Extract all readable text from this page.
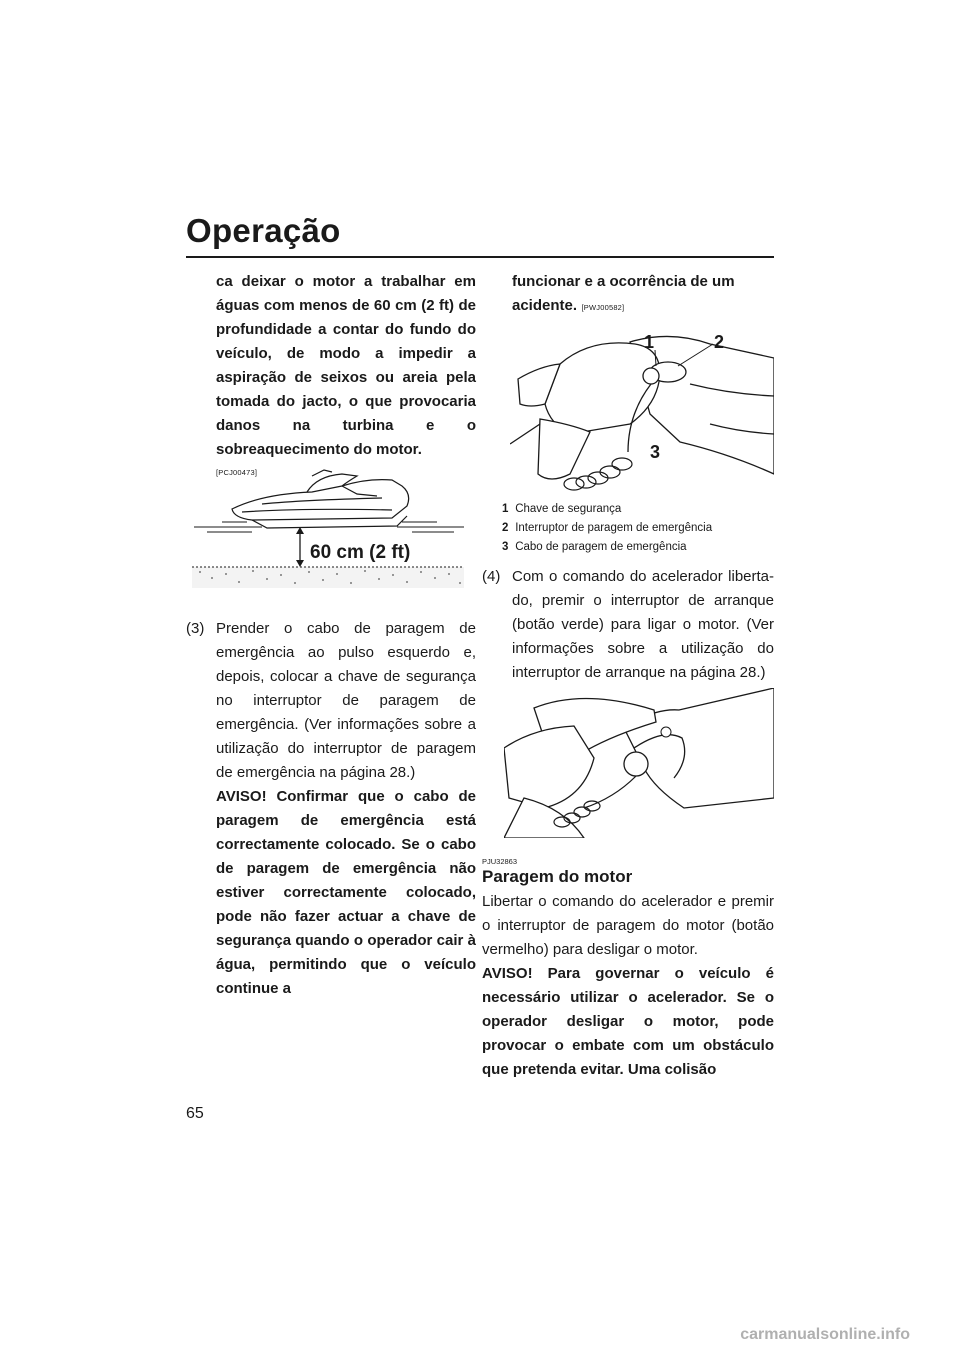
Operação

ca deixar o motor a trabalhar em águas com menos de 60 cm (2 ft) de profundidade a contar do fundo do veículo, de modo a impedir a aspiração de seixos ou areia pela tomada do jacto, o que provocaria danos na turbina e o sobreaquecimento do motor.

[PCJ00473]
60 cm (2 ft)
(3) Prender o cabo de paragem de emergência ao pulso esquerdo e, depois, colocar a chave de segurança no interruptor de paragem de emergência. (Ver informações sobre a utilização do interruptor de paragem de emergência na página 28.)

AVISO! Confirmar que o cabo de paragem de emergência está correctamente colocado. Se o cabo de paragem de emergência não estiver correctamente colocado, pode não fazer actuar a chave de segurança quando o operador cair à água, permitindo que o veículo continue a

funcionar e a ocorrência de um acidente. [PWJ00582]
1	2
3
1 Chave de segurança
2 Interruptor de paragem de emergência
3 Cabo de paragem de emergência
(4) Com o comando do acelerador liberta-do, premir o interruptor de arranque (botão verde) para ligar o motor. (Ver informações sobre a utilização do interruptor de arranque na página 28.)

PJU32863
Paragem do motor

Libertar o comando do acelerador e premir o interruptor de paragem do motor (botão vermelho) para desligar o motor.

AVISO! Para governar o veículo é necessário utilizar o acelerador. Se o operador desligar o motor, pode provocar o embate com um obstáculo que pretenda evitar. Uma colisão

65
carmanualsonline.info
